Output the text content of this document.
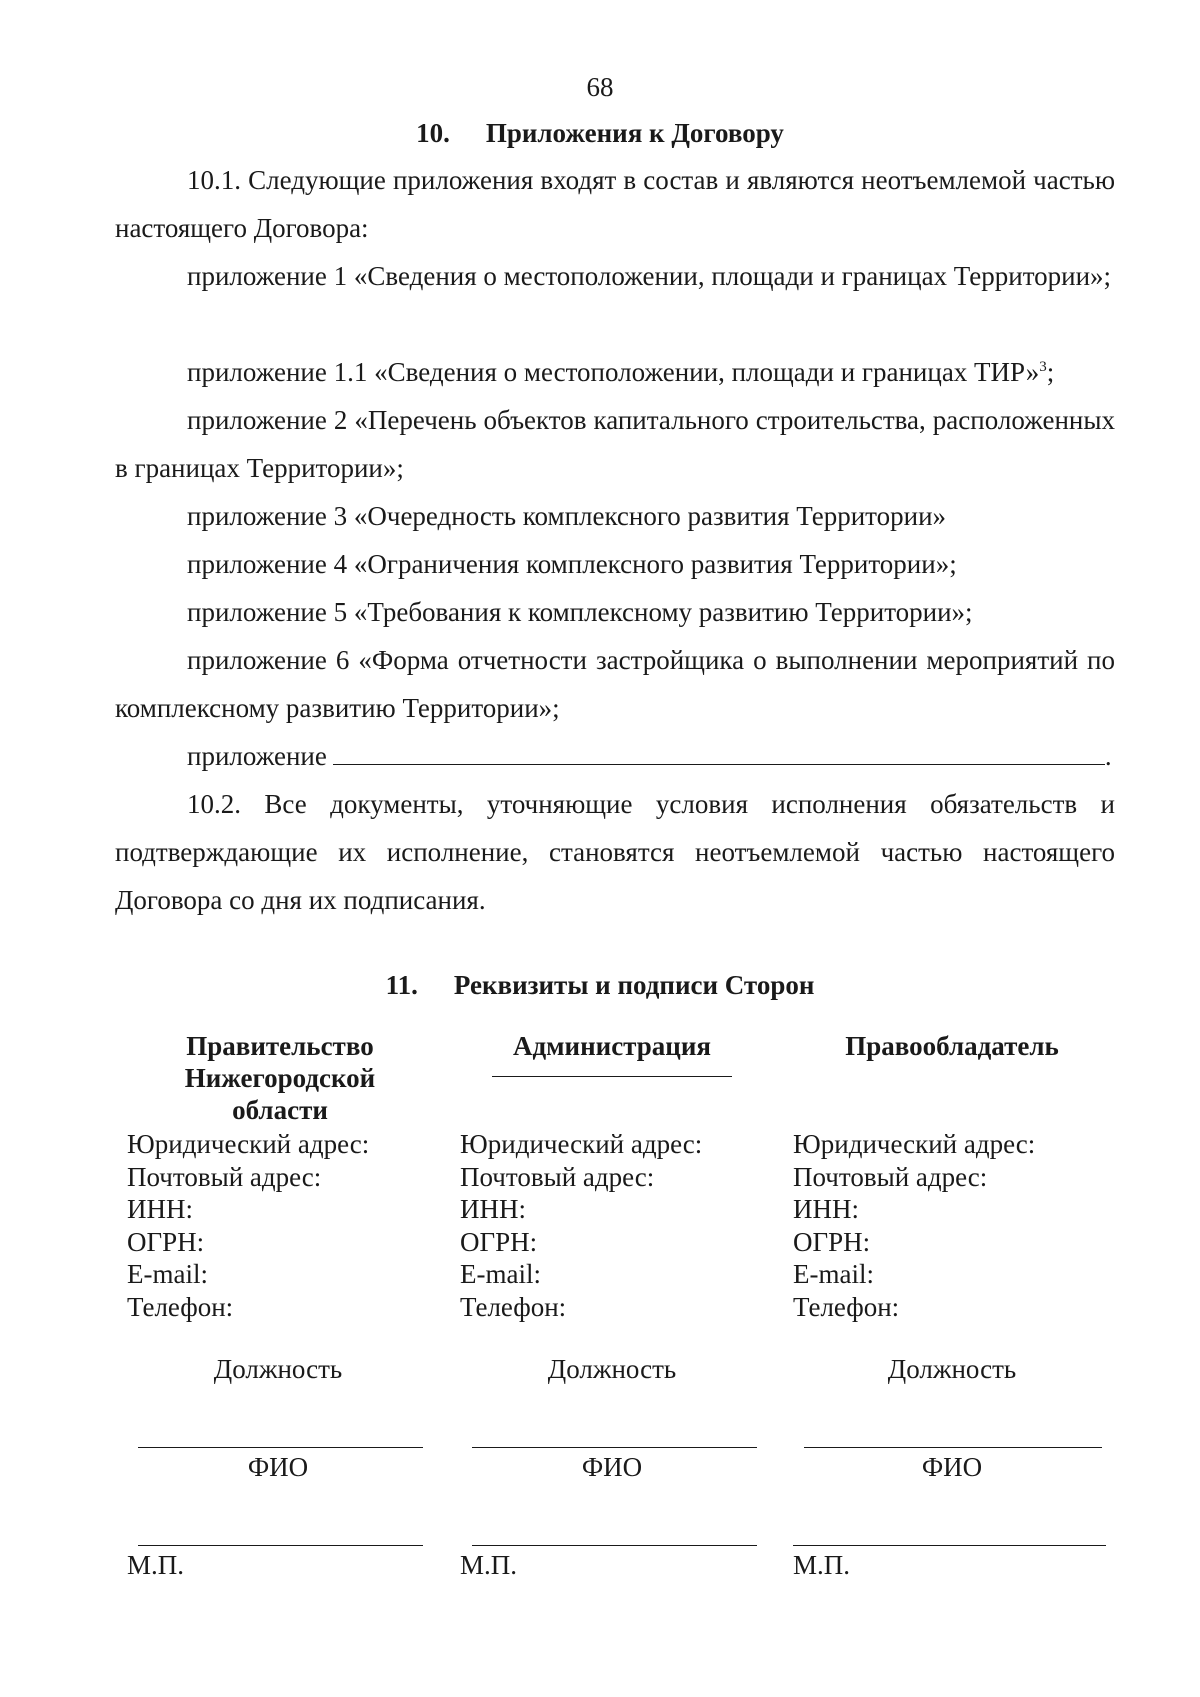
68
10. Приложения к Договору

10.1. Следующие приложения входят в состав и являются неотъемлемой частью настоящего Договора:

приложение 1 «Сведения о местоположении, площади и границах Территории»;

приложение 1.1 «Сведения о местоположении, площади и границах ТИР»$^3$;

приложение 2 «Перечень объектов капитального строительства, расположенных в границах Территории»;

приложение 3 «Очередность комплексного развития Территории»

приложение 4 «Ограничения комплексного развития Территории»;

приложение 5 «Требования к комплексному развитию Территории»;

приложение 6 «Форма отчетности застройщика о выполнении мероприятий по комплексному развитию Территории»;

приложение	.

10.2. Все документы, уточняющие условия исполнения обязательств и подтверждающие их исполнение, становятся неотъемлемой частью настоящего Договора со дня их подписания.

11. Реквизиты и подписи Сторон
Правительство
Нижегородской
области
Юридический адрес:
Почтовый адрес:
ИНН:
ОГРН:
E-mail:
Телефон:
Должность
ФИО
М.П.
Администрация
Юридический адрес:
Почтовый адрес:
ИНН:
ОГРН:
E-mail:
Телефон:
Должность
ФИО
М.П.
Правообладатель
Юридический адрес:
Почтовый адрес:
ИНН:
ОГРН:
E-mail:
Телефон:
Должность
ФИО
М.П.
